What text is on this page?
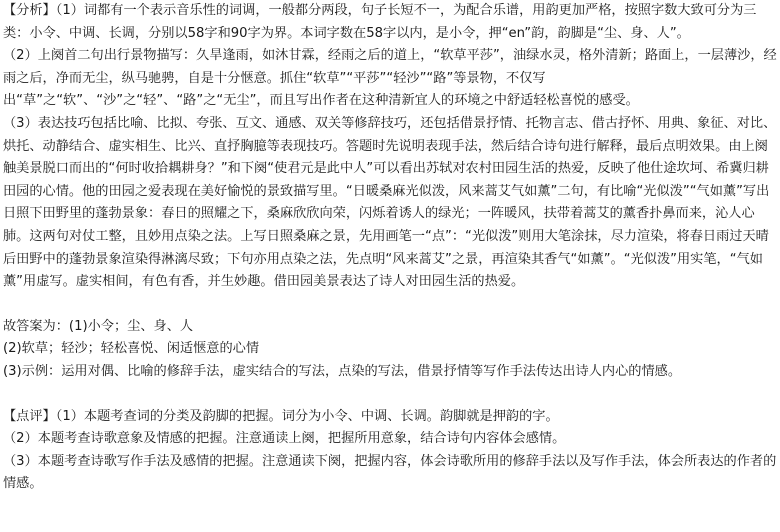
【分析】（1）词都有一个表示音乐性的词调，一般都分两段，句子长短不一，为配合乐谱，用韵更加严格，按照字数大致可分为三类：小令、中调、长调，分别以58字和90字为界。本词字数在58字以内，是小令，押“en”韵，韵脚是“尘、身、人”。

（2）上阕首二句出行景物描写：久旱逢雨，如沐甘霖，经雨之后的道上，“软草平莎”，油绿水灵，格外清新；路面上，一层薄沙，经雨之后，净而无尘，纵马驰骋，自是十分惬意。抓住“软草”“平莎”“轻沙”“路”等景物，不仅写出“草”之“软”、“沙”之“轻”、“路”之“无尘”，而且写出作者在这种清新宜人的环境之中舒适轻松喜悦的感受。

（3）表达技巧包括比喻、比拟、夸张、互文、通感、双关等修辞技巧，还包括借景抒情、托物言志、借古抒怀、用典、象征、对比、烘托、动静结合、虚实相生、比兴、直抒胸臆等表现技巧。答题时先说明表现手法，然后结合诗句进行解释，最后点明效果。由上阕触美景脱口而出的“何时收拾耦耕身？”和下阕“使君元是此中人”可以看出苏轼对农村田园生活的热爱，反映了他仕途坎坷、希冀归耕田园的心情。他的田园之爱表现在美好愉悦的景致描写里。“日暖桑麻光似泼，风来蒿艾气如薰”二句，有比喻“光似泼”“气如薰”写出日照下田野里的蓬勃景象：春日的照耀之下，桑麻欣欣向荣，闪烁着诱人的绿光；一阵暖风，扶带着蒿艾的薰香扑鼻而来，沁人心肺。这两句对仗工整，且妙用点染之法。上写日照桑麻之景，先用画笔一“点”：“光似泼”则用大笔涂抹，尽力渲染，将春日雨过天晴后田野中的蓬勃景象渲染得淋漓尽致；下句亦用点染之法，先点明“风来蒿艾”之景，再渲染其香气“如薰”。“光似泼”用实笔，“气如薰”用虚写。虚实相间，有色有香，并生妙趣。借田园美景表达了诗人对田园生活的热爱。

故答案为：(1)小令；尘、身、人

(2)软草；轻沙；轻松喜悦、闲适惬意的心情

(3)示例：运用对偶、比喻的修辞手法，虚实结合的写法，点染的写法，借景抒情等写作手法传达出诗人内心的情感。

【点评】（1）本题考查词的分类及韵脚的把握。词分为小令、中调、长调。韵脚就是押韵的字。

（2）本题考查诗歌意象及情感的把握。注意通读上阕，把握所用意象，结合诗句内容体会感情。

（3）本题考查诗歌写作手法及感情的把握。注意通读下阕，把握内容，体会诗歌所用的修辞手法以及写作手法，体会所表达的作者的情感。
